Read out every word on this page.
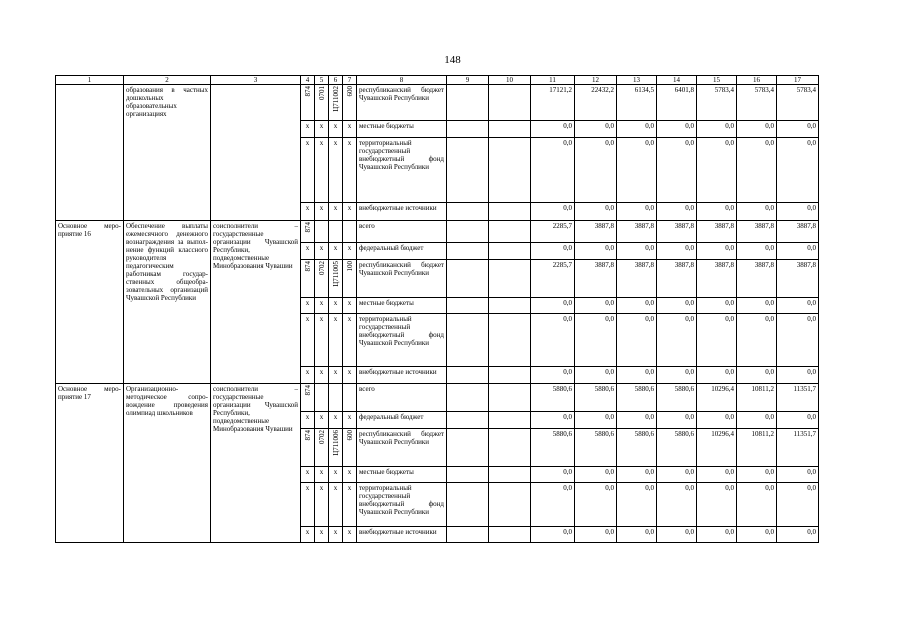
148
1	2	3	4	5	6	7	8	9	10	11	12	13	14	15	16	17
	образования в частных дошкольных образовательных организациях		874	0701	Ц711002	600	республиканский бюджет Чувашской Республики			17121,2	22432,2	6134,5	6401,8	5783,4	5783,4	5783,4
			x	x	x	x	местные бюджеты			0,0	0,0	0,0	0,0	0,0	0,0	0,0
			x	x	x	x	территориальный государственный внебюджетный фонд Чувашской Республики			0,0	0,0	0,0	0,0	0,0	0,0	0,0
			x	x	x	x	внебюджетные источники			0,0	0,0	0,0	0,0	0,0	0,0	0,0
Основное мероприятие 16	Обеспечение выплаты ежемесячного денежного вознаграждения за выполнение функций классного руководителя педагогическим работникам государственных общеобразовательных организаций Чувашской Республики	соисполнители – государственные организации Чувашской Республики, подведомственные Минобразования Чувашии	874				всего			2285,7	3887,8	3887,8	3887,8	3887,8	3887,8	3887,8
			x	x	x	x	федеральный бюджет			0,0	0,0	0,0	0,0	0,0	0,0	0,0
			874	0702	Ц711005	100	республиканский бюджет Чувашской Республики			2285,7	3887,8	3887,8	3887,8	3887,8	3887,8	3887,8
			x	x	x	x	местные бюджеты			0,0	0,0	0,0	0,0	0,0	0,0	0,0
			x	x	x	x	территориальный государственный внебюджетный фонд Чувашской Республики			0,0	0,0	0,0	0,0	0,0	0,0	0,0
			x	x	x	x	внебюджетные источники			0,0	0,0	0,0	0,0	0,0	0,0	0,0
Основное мероприятие 17	Организационно-методическое сопровождение проведения олимпиад школьников	соисполнители – государственные организации Чувашской Республики, подведомственные Минобразования Чувашии	874				всего			5880,6	5880,6	5880,6	5880,6	10296,4	10811,2	11351,7
			x	x	x	x	федеральный бюджет			0,0	0,0	0,0	0,0	0,0	0,0	0,0
			874	0702	Ц711006	600	республиканский бюджет Чувашской Республики			5880,6	5880,6	5880,6	5880,6	10296,4	10811,2	11351,7
			x	x	x	x	местные бюджеты			0,0	0,0	0,0	0,0	0,0	0,0	0,0
			x	x	x	x	территориальный государственный внебюджетный фонд Чувашской Республики			0,0	0,0	0,0	0,0	0,0	0,0	0,0
			x	x	x	x	внебюджетные источники			0,0	0,0	0,0	0,0	0,0	0,0	0,0
